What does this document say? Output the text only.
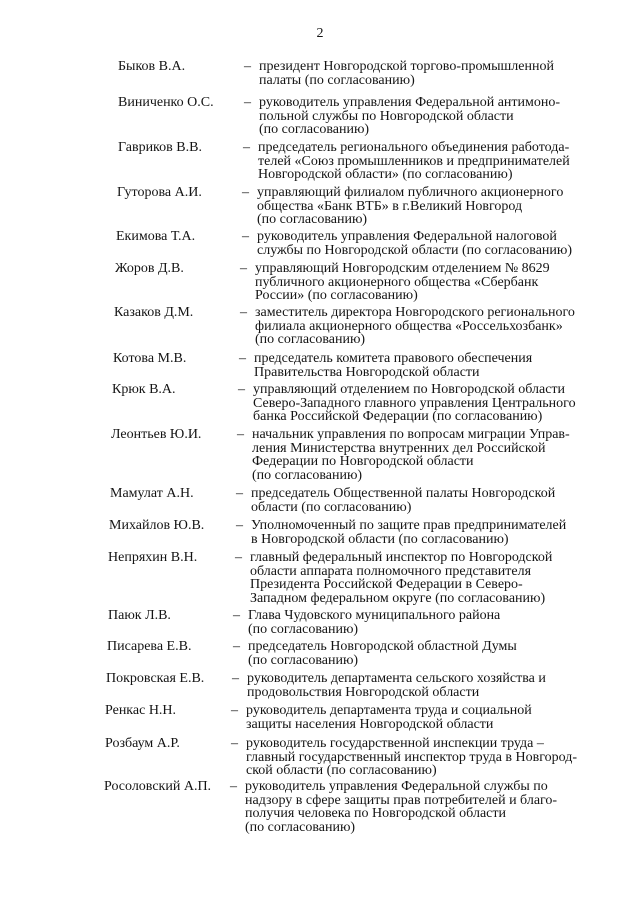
2
Быков В.А.	– президент Новгородской торгово-промышленной
палаты (по согласованию)
Виниченко О.С. – руководитель управления Федеральной антимоно-
польной службы по Новгородской области
(по согласованию)
Гавриков В.В.	– председатель регионального объединения работода-
телей «Союз промышленников и предпринимателей
Новгородской области» (по согласованию)
Гуторова А.И.	– управляющий филиалом публичного акционерного
общества «Банк ВТБ» в г.Великий Новгород
(по согласованию)
Екимова Т.А.	– руководитель управления Федеральной налоговой
службы по Новгородской области (по согласованию)
Жоров Д.В.	– управляющий Новгородским отделением № 8629
публичного акционерного общества «Сбербанк
России» (по согласованию)
Казаков Д.М.	– заместитель директора Новгородского регионального
филиала акционерного общества «Россельхозбанк»
(по согласованию)
Котова М.В.	– председатель комитета правового обеспечения
Правительства Новгородской области
Крюк В.А.	– управляющий отделением по Новгородской области
Северо-Западного главного управления Центрального
банка Российской Федерации (по согласованию)
Леонтьев Ю.И.	– начальник управления по вопросам миграции Управ-
ления Министерства внутренних дел Российской
Федерации по Новгородской области
(по согласованию)
Мамулат А.Н.	– председатель Общественной палаты Новгородской
области (по согласованию)
Михайлов Ю.В. – Уполномоченный по защите прав предпринимателей
в Новгородской области (по согласованию)
Непряхин В.Н.	– главный федеральный инспектор по Новгородской
области аппарата полномочного представителя
Президента Российской Федерации в Северо-
Западном федеральном округе (по согласованию)
Паюк Л.В.	– Глава Чудовского муниципального района
(по согласованию)
Писарева Е.В.	– председатель Новгородской областной Думы
(по согласованию)
Покровская Е.В. – руководитель департамента сельского хозяйства и
продовольствия Новгородской области
Ренкас Н.Н.	– руководитель департамента труда и социальной
защиты населения Новгородской области
Розбаум А.Р.	– руководитель государственной инспекции труда –
главный государственный инспектор труда в Новгород-
ской области (по согласованию)
Росоловский А.П. – руководитель управления Федеральной службы по
надзору в сфере защиты прав потребителей и благо-
получия человека по Новгородской области
(по согласованию)
